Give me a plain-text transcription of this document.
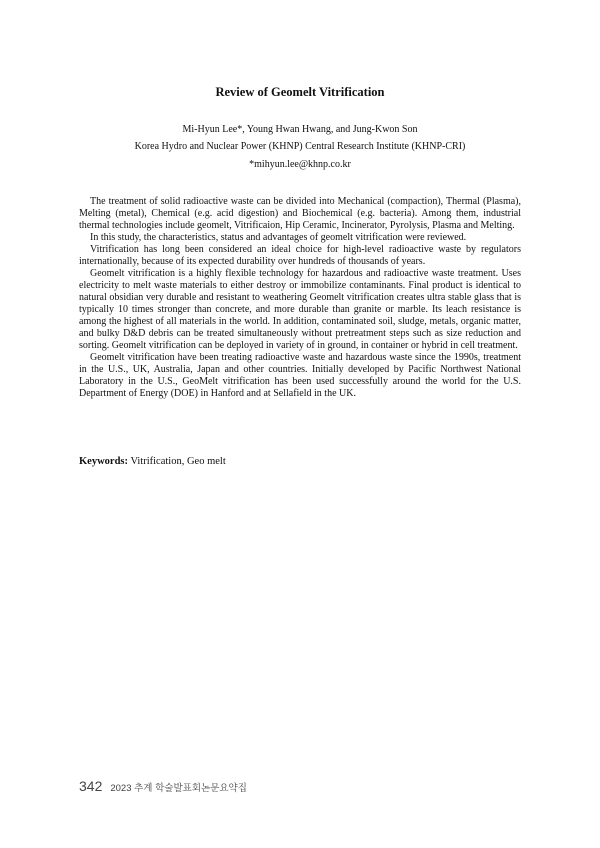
Review of Geomelt Vitrification
Mi-Hyun Lee*, Young Hwan Hwang, and Jung-Kwon Son
Korea Hydro and Nuclear Power (KHNP) Central Research Institute (KHNP-CRI)
*mihyun.lee@khnp.co.kr

The treatment of solid radioactive waste can be divided into Mechanical (compaction), Thermal (Plasma), Melting (metal), Chemical (e.g. acid digestion) and Biochemical (e.g. bacteria). Among them, industrial thermal technologies include geomelt, Vitrificaion, Hip Ceramic, Incinerator, Pyrolysis, Plasma and Melting.

In this study, the characteristics, status and advantages of geomelt vitrification were reviewed.

Vitrification has long been considered an ideal choice for high-level radioactive waste by regulators internationally, because of its expected durability over hundreds of thousands of years.

Geomelt vitrification is a highly flexible technology for hazardous and radioactive waste treatment. Uses electricity to melt waste materials to either destroy or immobilize contaminants. Final product is identical to natural obsidian very durable and resistant to weathering Geomelt vitrification creates ultra stable glass that is typically 10 times stronger than concrete, and more durable than granite or marble. Its leach resistance is among the highest of all materials in the world. In addition, contaminated soil, sludge, metals, organic matter, and bulky D&D debris can be treated simultaneously without pretreatment steps such as size reduction and sorting. Geomelt vitrification can be deployed in variety of in ground, in container or hybrid in cell treatment.

Geomelt vitrification have been treating radioactive waste and hazardous waste since the 1990s, treatment in the U.S., UK, Australia, Japan and other countries. Initially developed by Pacific Northwest National Laboratory in the U.S., GeoMelt vitrification has been used successfully around the world for the U.S. Department of Energy (DOE) in Hanford and at Sellafield in the UK.

Keywords: Vitrification, Geo melt
342 2023 추계 학술발표회논문요약집
